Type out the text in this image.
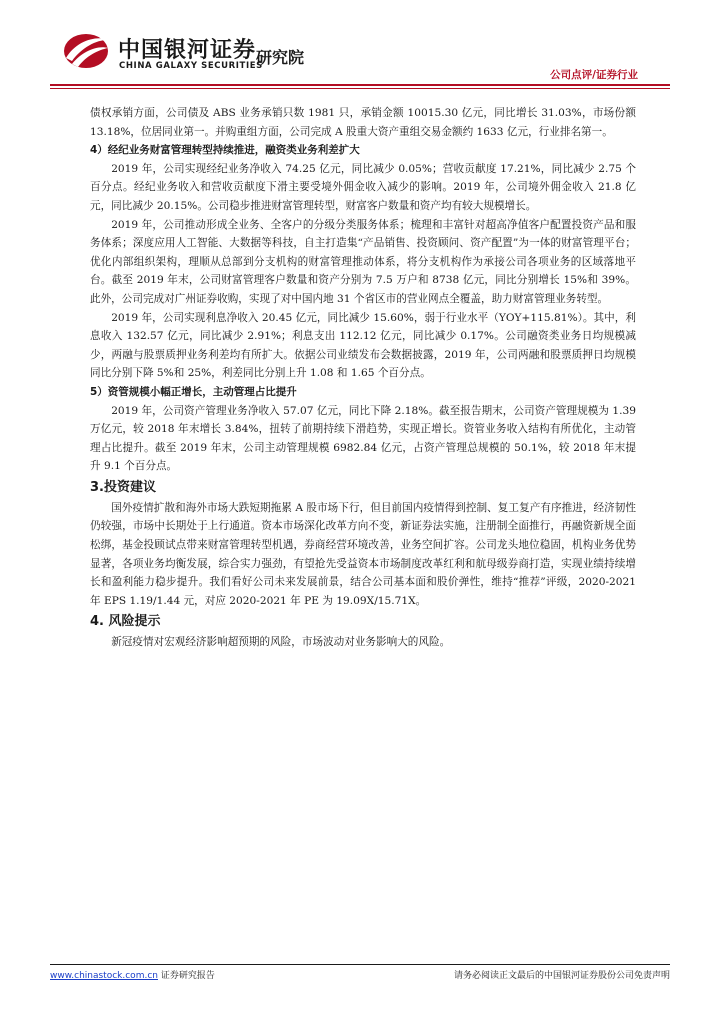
中国银河证券
CHINA GALAXY SECURITIES
研究院
公司点评/证券行业

债权承销方面，公司债及 ABS 业务承销只数 1981 只，承销金额 10015.30 亿元，同比增长 31.03%，市场份额 13.18%，位居同业第一。并购重组方面，公司完成 A 股重大资产重组交易金额约 1633 亿元，行业排名第一。

4）经纪业务财富管理转型持续推进，融资类业务利差扩大

2019 年，公司实现经纪业务净收入 74.25 亿元，同比减少 0.05%；营收贡献度 17.21%，同比减少 2.75 个百分点。经纪业务收入和营收贡献度下滑主要受境外佣金收入减少的影响。2019 年，公司境外佣金收入 21.8 亿元，同比减少 20.15%。公司稳步推进财富管理转型，财富客户数量和资产均有较大规模增长。

2019 年，公司推动形成全业务、全客户的分级分类服务体系；梳理和丰富针对超高净值客户配置投资产品和服务体系；深度应用人工智能、大数据等科技，自主打造集“产品销售、投资顾问、资产配置”为一体的财富管理平台；优化内部组织架构，理顺从总部到分支机构的财富管理推动体系，将分支机构作为承接公司各项业务的区域落地平台。截至 2019 年末，公司财富管理客户数量和资产分别为 7.5 万户和 8738 亿元，同比分别增长 15%和 39%。此外，公司完成对广州证券收购，实现了对中国内地 31 个省区市的营业网点全覆盖，助力财富管理业务转型。

2019 年，公司实现利息净收入 20.45 亿元，同比减少 15.60%，弱于行业水平（YOY+115.81%）。其中，利息收入 132.57 亿元，同比减少 2.91%；利息支出 112.12 亿元，同比减少 0.17%。公司融资类业务日均规模减少，两融与股票质押业务利差均有所扩大。依据公司业绩发布会数据披露，2019 年，公司两融和股票质押日均规模同比分别下降 5%和 25%，利差同比分别上升 1.08 和 1.65 个百分点。

5）资管规模小幅正增长，主动管理占比提升

2019 年，公司资产管理业务净收入 57.07 亿元，同比下降 2.18%。截至报告期末，公司资产管理规模为 1.39 万亿元，较 2018 年末增长 3.84%，扭转了前期持续下滑趋势，实现正增长。资管业务收入结构有所优化，主动管理占比提升。截至 2019 年末，公司主动管理规模 6982.84 亿元，占资产管理总规模的 50.1%，较 2018 年末提升 9.1 个百分点。

3.投资建议

国外疫情扩散和海外市场大跌短期拖累 A 股市场下行，但目前国内疫情得到控制、复工复产有序推进，经济韧性仍较强，市场中长期处于上行通道。资本市场深化改革方向不变，新证券法实施，注册制全面推行，再融资新规全面松绑，基金投顾试点带来财富管理转型机遇，券商经营环境改善，业务空间扩容。公司龙头地位稳固，机构业务优势显著，各项业务均衡发展，综合实力强劲，有望抢先受益资本市场制度改革红利和航母级券商打造，实现业绩持续增长和盈利能力稳步提升。我们看好公司未来发展前景，结合公司基本面和股价弹性，维持“推荐”评级，2020-2021 年 EPS 1.19/1.44 元，对应 2020-2021 年 PE 为 19.09X/15.71X。

4. 风险提示

新冠疫情对宏观经济影响超预期的风险，市场波动对业务影响大的风险。

www.chinastock.com.cn 证券研究报告	请务必阅读正文最后的中国银河证券股份公司免责声明
